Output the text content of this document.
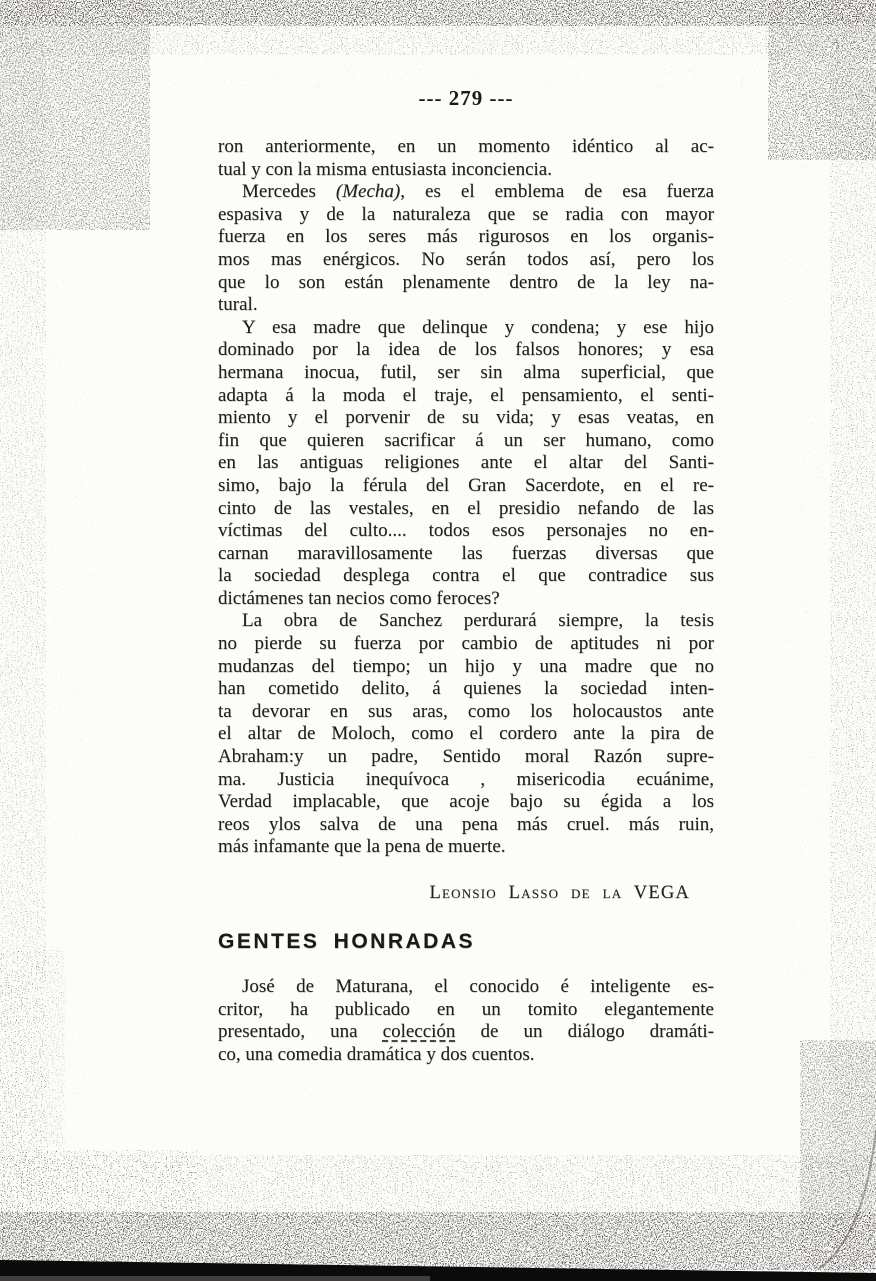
--- 279 ---
ron anteriormente, en un momento idéntico al ac-
tual y con la misma entusiasta inconciencia.
Mercedes (Mecha), es el emblema de esa fuerza
espasiva y de la naturaleza que se radia con mayor
fuerza en los seres más rigurosos en los organis-
mos mas enérgicos. No serán todos así, pero los
que lo son están plenamente dentro de la ley na-
tural.
Y esa madre que delinque y condena; y ese hijo
dominado por la idea de los falsos honores; y esa
hermana inocua, futil, ser sin alma superficial, que
adapta á la moda el traje, el pensamiento, el senti-
miento y el porvenir de su vida; y esas veatas, en
fin que quieren sacrificar á un ser humano, como
en las antiguas religiones ante el altar del Santi-
simo, bajo la férula del Gran Sacerdote, en el re-
cinto de las vestales, en el presidio nefando de las
víctimas del culto.... todos esos personajes no en-
carnan maravillosamente las fuerzas diversas que
la sociedad desplega contra el que contradice sus
dictámenes tan necios como feroces?
La obra de Sanchez perdurará siempre, la tesis
no pierde su fuerza por cambio de aptitudes ni por
mudanzas del tiempo; un hijo y una madre que no
han cometido delito, á quienes la sociedad inten-
ta devorar en sus aras, como los holocaustos ante
el altar de Moloch, como el cordero ante la pira de
Abraham:y un padre, Sentido moral Razón supre-
ma. Justicia inequívoca , misericodia ecuánime,
Verdad implacable, que acoje bajo su égida a los
reos ylos salva de una pena más cruel. más ruin,
más infamante que la pena de muerte.
Leonsio Lasso de la VEGA
GENTES HONRADAS
José de Maturana, el conocido é inteligente es-
critor, ha publicado en un tomito elegantemente
presentado, una colección de un diálogo dramáti-
co, una comedia dramática y dos cuentos.
